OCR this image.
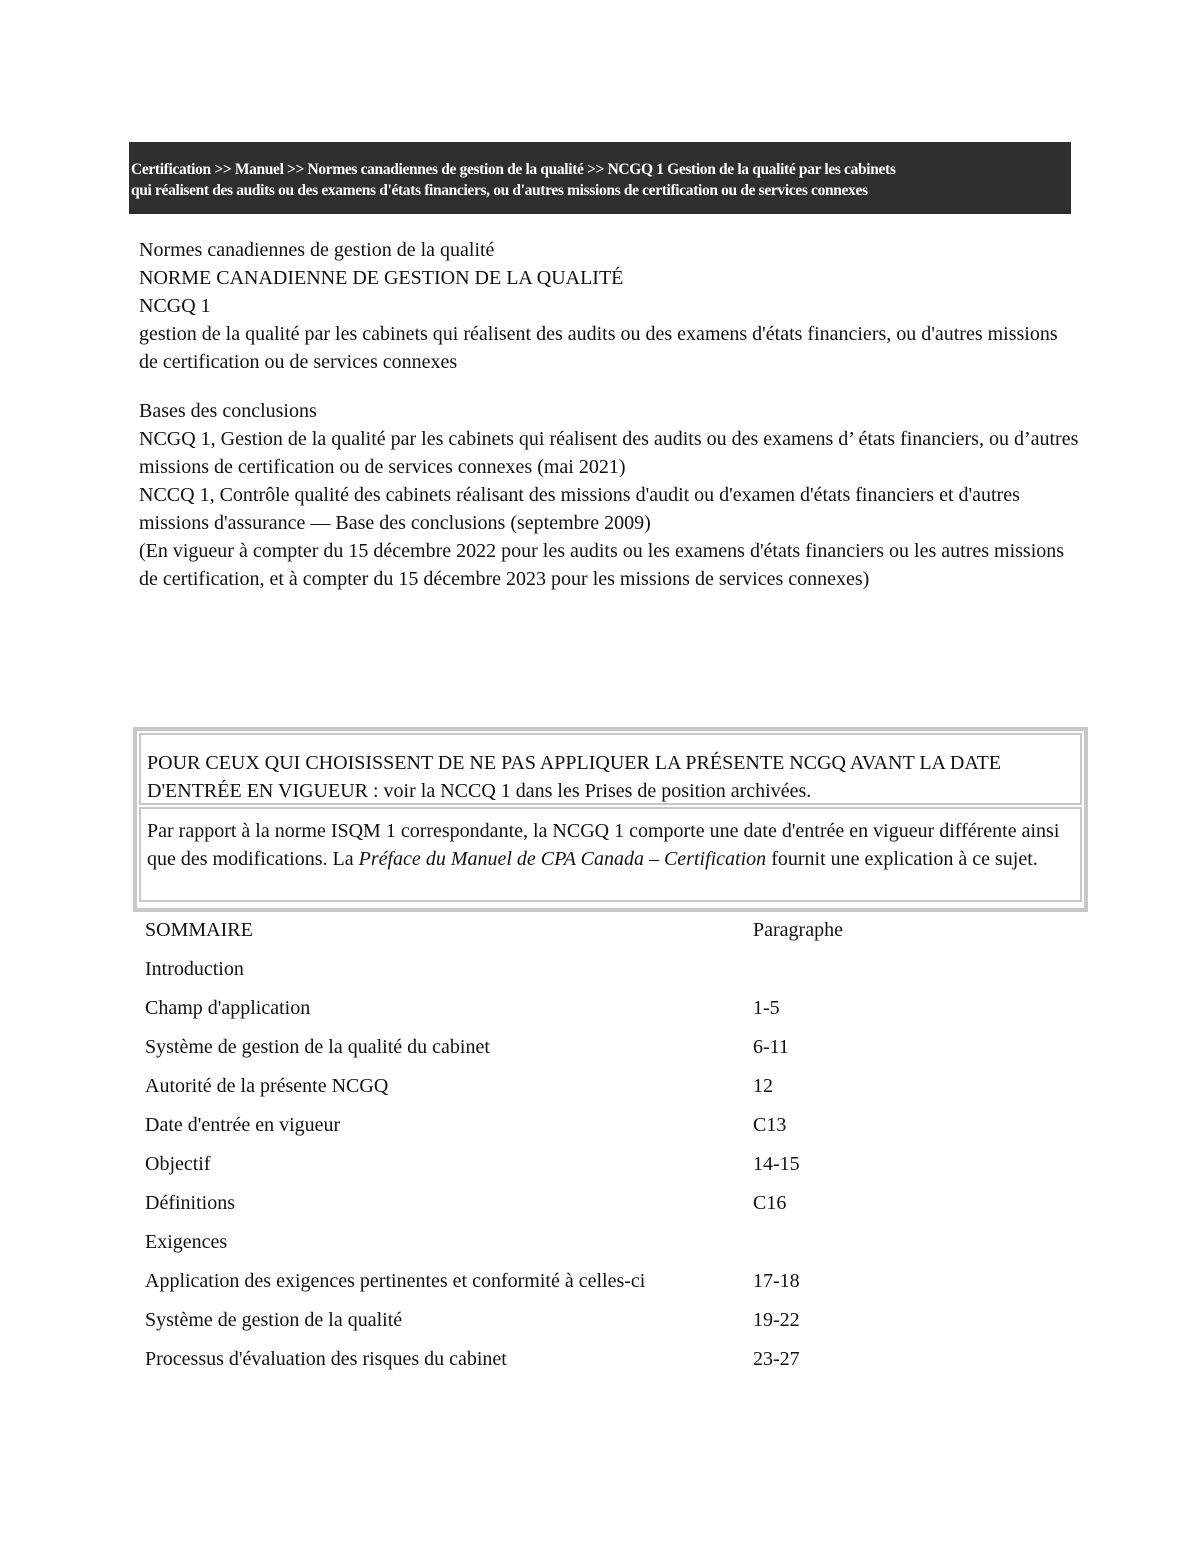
Certification >> Manuel >> Normes canadiennes de gestion de la qualité >> NCGQ 1 Gestion de la qualité par les cabinets
qui réalisent des audits ou des examens d'états financiers, ou d'autres missions de certification ou de services connexes

Normes canadiennes de gestion de la qualité

NORME CANADIENNE DE GESTION DE LA QUALITÉ

NCGQ 1

gestion de la qualité par les cabinets qui réalisent des audits ou des examens d'états financiers, ou d'autres missions de certification ou de services connexes

Bases des conclusions

NCGQ 1, Gestion de la qualité par les cabinets qui réalisent des audits ou des examens d’ états financiers, ou d’autres missions de certification ou de services connexes (mai 2021)

NCCQ 1, Contrôle qualité des cabinets réalisant des missions d'audit ou d'examen d'états financiers et d'autres missions d'assurance — Base des conclusions (septembre 2009)

(En vigueur à compter du 15 décembre 2022 pour les audits ou les examens d'états financiers ou les autres missions de certification, et à compter du 15 décembre 2023 pour les missions de services connexes)

POUR CEUX QUI CHOISISSENT DE NE PAS APPLIQUER LA PRÉSENTE NCGQ AVANT LA DATE D'ENTRÉE EN VIGUEUR : voir la NCCQ 1 dans les Prises de position archivées.
Par rapport à la norme ISQM 1 correspondante, la NCGQ 1 comporte une date d'entrée en vigueur différente ainsi que des modifications. La Préface du Manuel de CPA Canada – Certification fournit une explication à ce sujet.
SOMMAIRE	Paragraphe
Introduction
Champ d'application	1-5
Système de gestion de la qualité du cabinet	6-11
Autorité de la présente NCGQ	12
Date d'entrée en vigueur	C13
Objectif	14-15
Définitions	C16
Exigences
Application des exigences pertinentes et conformité à celles-ci	17-18
Système de gestion de la qualité	19-22
Processus d'évaluation des risques du cabinet	23-27
